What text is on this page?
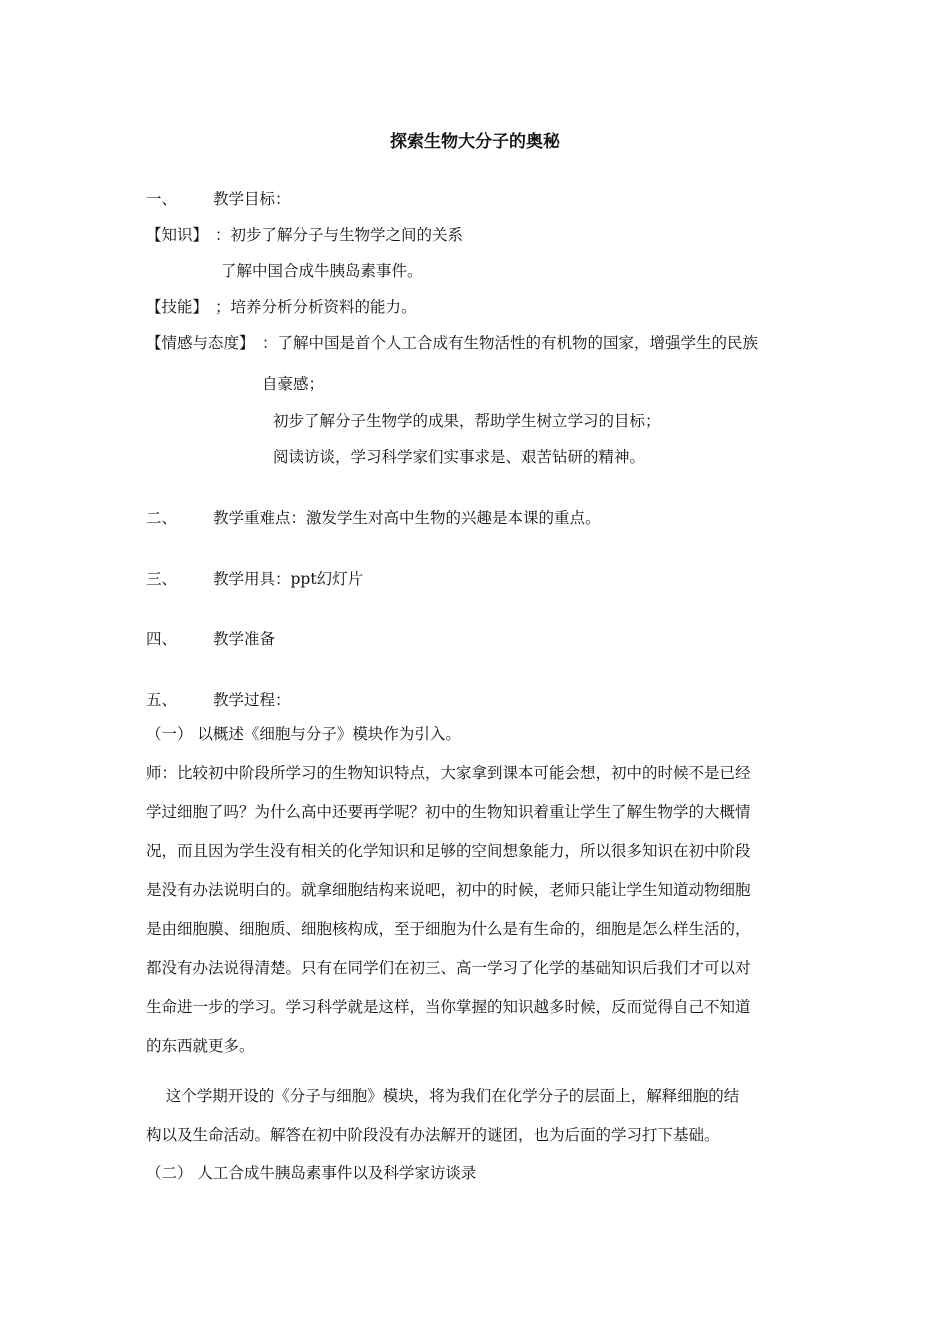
探索生物大分子的奥秘
一、 教学目标：
【知识】 ：初步了解分子与生物学之间的关系
了解中国合成牛胰岛素事件。
【技能】 ；培养分析分析资料的能力。
【情感与态度】 ：了解中国是首个人工合成有生物活性的有机物的国家，增强学生的民族
自豪感；
初步了解分子生物学的成果，帮助学生树立学习的目标；
阅读访谈，学习科学家们实事求是、艰苦钻研的精神。
二、 教学重难点：激发学生对高中生物的兴趣是本课的重点。
三、 教学用具：ppt幻灯片
四、 教学准备
五、 教学过程：
（一） 以概述《细胞与分子》模块作为引入。
师：比较初中阶段所学习的生物知识特点，大家拿到课本可能会想，初中的时候不是已经
学过细胞了吗？为什么高中还要再学呢？初中的生物知识着重让学生了解生物学的大概情
况，而且因为学生没有相关的化学知识和足够的空间想象能力，所以很多知识在初中阶段
是没有办法说明白的。就拿细胞结构来说吧，初中的时候，老师只能让学生知道动物细胞
是由细胞膜、细胞质、细胞核构成，至于细胞为什么是有生命的，细胞是怎么样生活的，
都没有办法说得清楚。只有在同学们在初三、高一学习了化学的基础知识后我们才可以对
生命进一步的学习。学习科学就是这样，当你掌握的知识越多时候，反而觉得自己不知道
的东西就更多。
这个学期开设的《分子与细胞》模块，将为我们在化学分子的层面上，解释细胞的结
构以及生命活动。解答在初中阶段没有办法解开的谜团，也为后面的学习打下基础。
（二） 人工合成牛胰岛素事件以及科学家访谈录
